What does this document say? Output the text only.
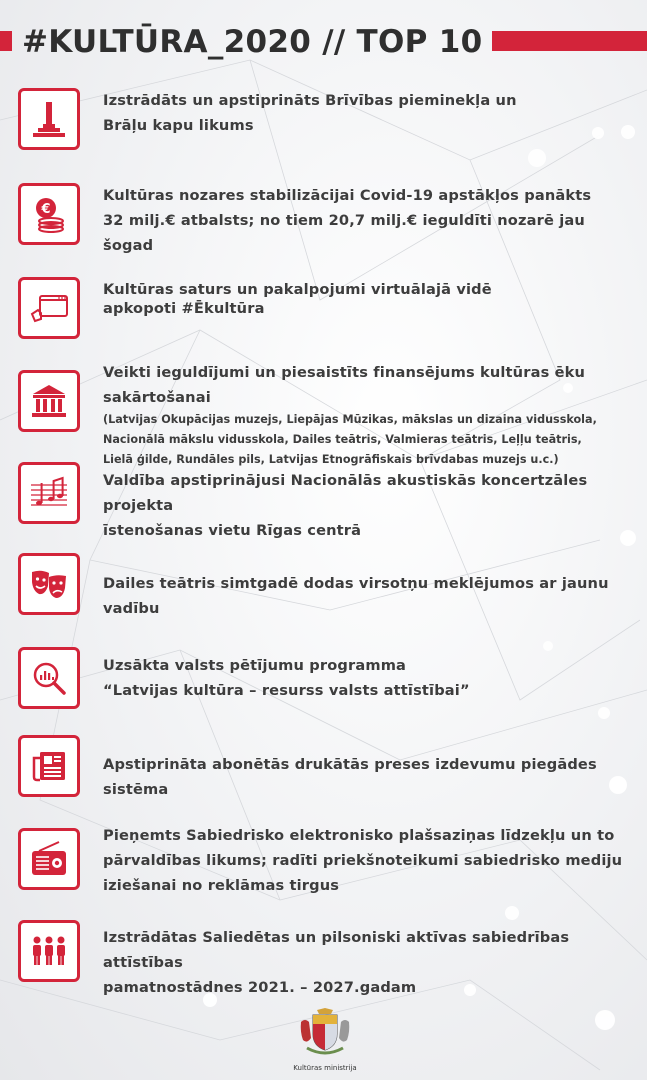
#KULTŪRA_2020 // TOP 10
Izstrādāts un apstiprināts Brīvības pieminekļa un
Brāļu kapu likums
€
Kultūras nozares stabilizācijai Covid-19 apstākļos panākts
32 milj.€ atbalsts; no tiem 20,7 milj.€ ieguldīti nozarē jau šogad
Kultūras saturs un pakalpojumi virtuālajā vidē
apkopoti #Ēkultūra
Veikti ieguldījumi un piesaistīts finansējums kultūras ēku sakārtošanai
(Latvijas Okupācijas muzejs, Liepājas Mūzikas, mākslas un dizaina vidusskola,
Nacionālā mākslu vidusskola, Dailes teātris, Valmieras teātris, Leļļu teātris,
Lielā ģilde, Rundāles pils, Latvijas Etnogrāfiskais brīvdabas muzejs u.c.)
Valdība apstiprinājusi Nacionālās akustiskās koncertzāles projekta
īstenošanas vietu Rīgas centrā
Dailes teātris simtgadē dodas virsotņu meklējumos ar jaunu vadību
Uzsākta valsts pētījumu programma
“Latvijas kultūra – resurss valsts attīstībai”
Apstiprināta abonētās drukātās preses izdevumu piegādes sistēma
Pieņemts Sabiedrisko elektronisko plašsaziņas līdzekļu un to
pārvaldības likums; radīti priekšnoteikumi sabiedrisko mediju
iziešanai no reklāmas tirgus
Izstrādātas Saliedētas un pilsoniski aktīvas sabiedrības attīstības
pamatnostādnes 2021. – 2027.gadam
Kultūras ministrija
